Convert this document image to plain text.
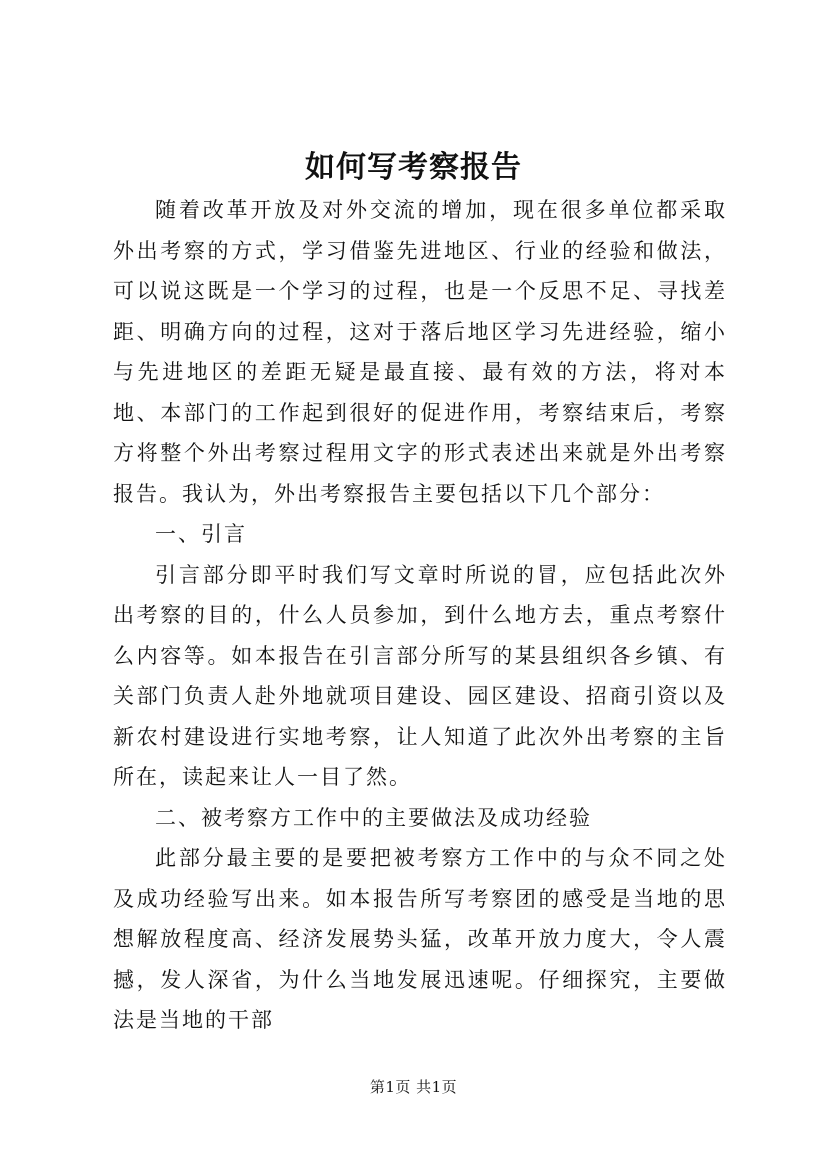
如何写考察报告

随着改革开放及对外交流的增加，现在很多单位都采取外出考察的方式，学习借鉴先进地区、行业的经验和做法，可以说这既是一个学习的过程，也是一个反思不足、寻找差距、明确方向的过程，这对于落后地区学习先进经验，缩小与先进地区的差距无疑是最直接、最有效的方法，将对本地、本部门的工作起到很好的促进作用，考察结束后，考察方将整个外出考察过程用文字的形式表述出来就是外出考察报告。我认为，外出考察报告主要包括以下几个部分：

一、引言

引言部分即平时我们写文章时所说的冒，应包括此次外出考察的目的，什么人员参加，到什么地方去，重点考察什么内容等。如本报告在引言部分所写的某县组织各乡镇、有关部门负责人赴外地就项目建设、园区建设、招商引资以及新农村建设进行实地考察，让人知道了此次外出考察的主旨所在，读起来让人一目了然。

二、被考察方工作中的主要做法及成功经验

此部分最主要的是要把被考察方工作中的与众不同之处及成功经验写出来。如本报告所写考察团的感受是当地的思想解放程度高、经济发展势头猛，改革开放力度大，令人震撼，发人深省，为什么当地发展迅速呢。仔细探究，主要做法是当地的干部

第1页 共1页
